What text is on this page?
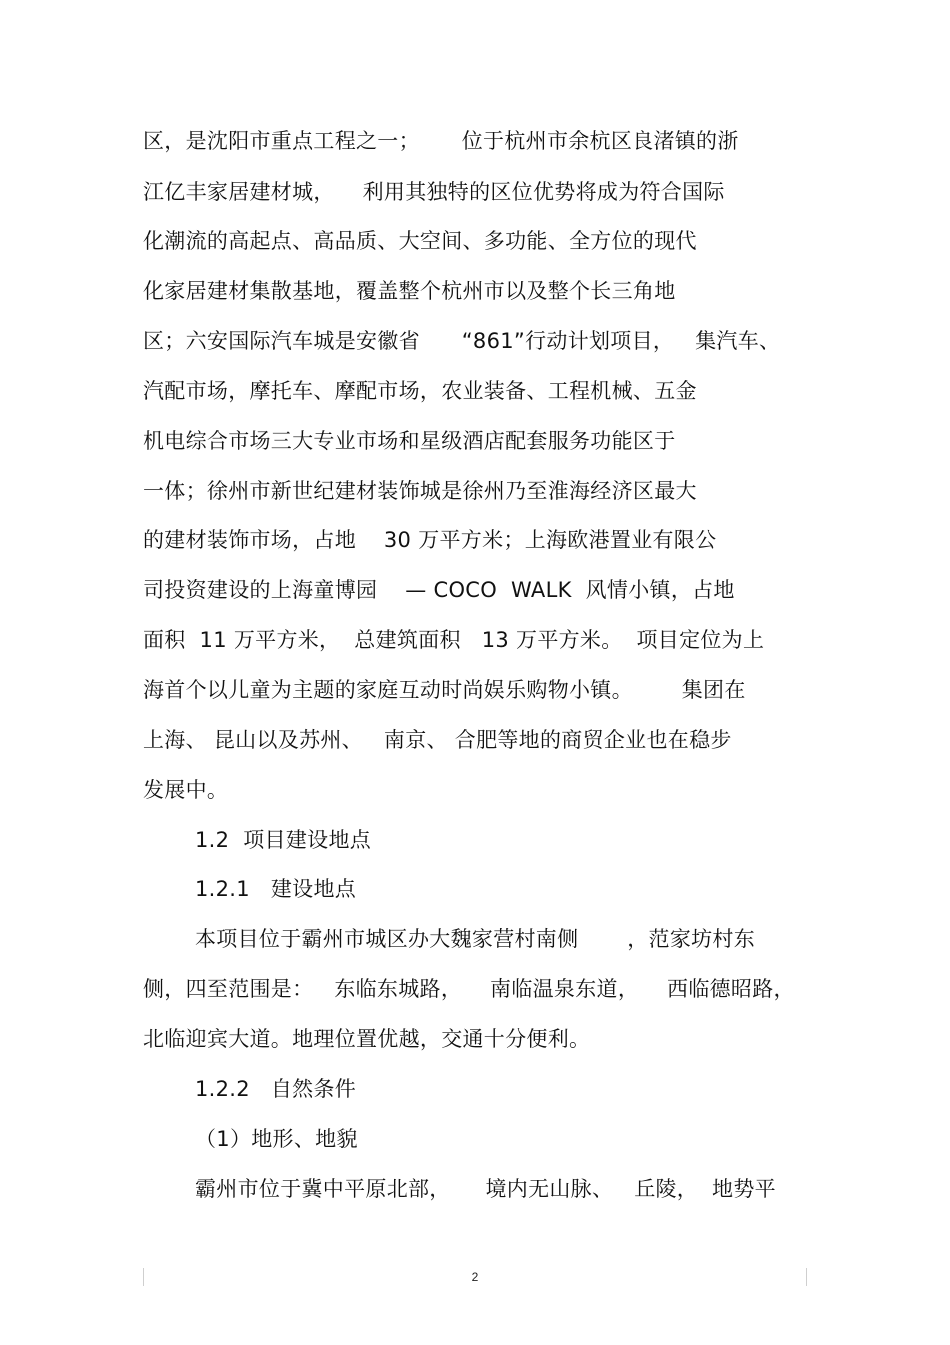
区，是沈阳市重点工程之一；      位于杭州市余杭区良渚镇的浙
江亿丰家居建材城，    利用其独特的区位优势将成为符合国际
化潮流的高起点、高品质、大空间、多功能、全方位的现代
化家居建材集散基地，覆盖整个杭州市以及整个长三角地
区；六安国际汽车城是安徽省      “861”行动计划项目，   集汽车、
汽配市场，摩托车、摩配市场，农业装备、工程机械、五金
机电综合市场三大专业市场和星级酒店配套服务功能区于
一体；徐州市新世纪建材装饰城是徐州乃至淮海经济区最大
的建材装饰市场，占地    30 万平方米；上海欧港置业有限公
司投资建设的上海童博园    — COCO  WALK  风情小镇，占地
面积  11 万平方米，  总建筑面积   13 万平方米。  项目定位为上
海首个以儿童为主题的家庭互动时尚娱乐购物小镇。       集团在
上海、 昆山以及苏州、   南京、 合肥等地的商贸企业也在稳步
发展中。
1.2  项目建设地点
1.2.1   建设地点
本项目位于霸州市城区办大魏家营村南侧       ，范家坊村东
侧，四至范围是：   东临东城路，    南临温泉东道，    西临德昭路，
北临迎宾大道。地理位置优越，交通十分便利。
1.2.2   自然条件
（1）地形、地貌
霸州市位于冀中平原北部，     境内无山脉、   丘陵，  地势平
2
